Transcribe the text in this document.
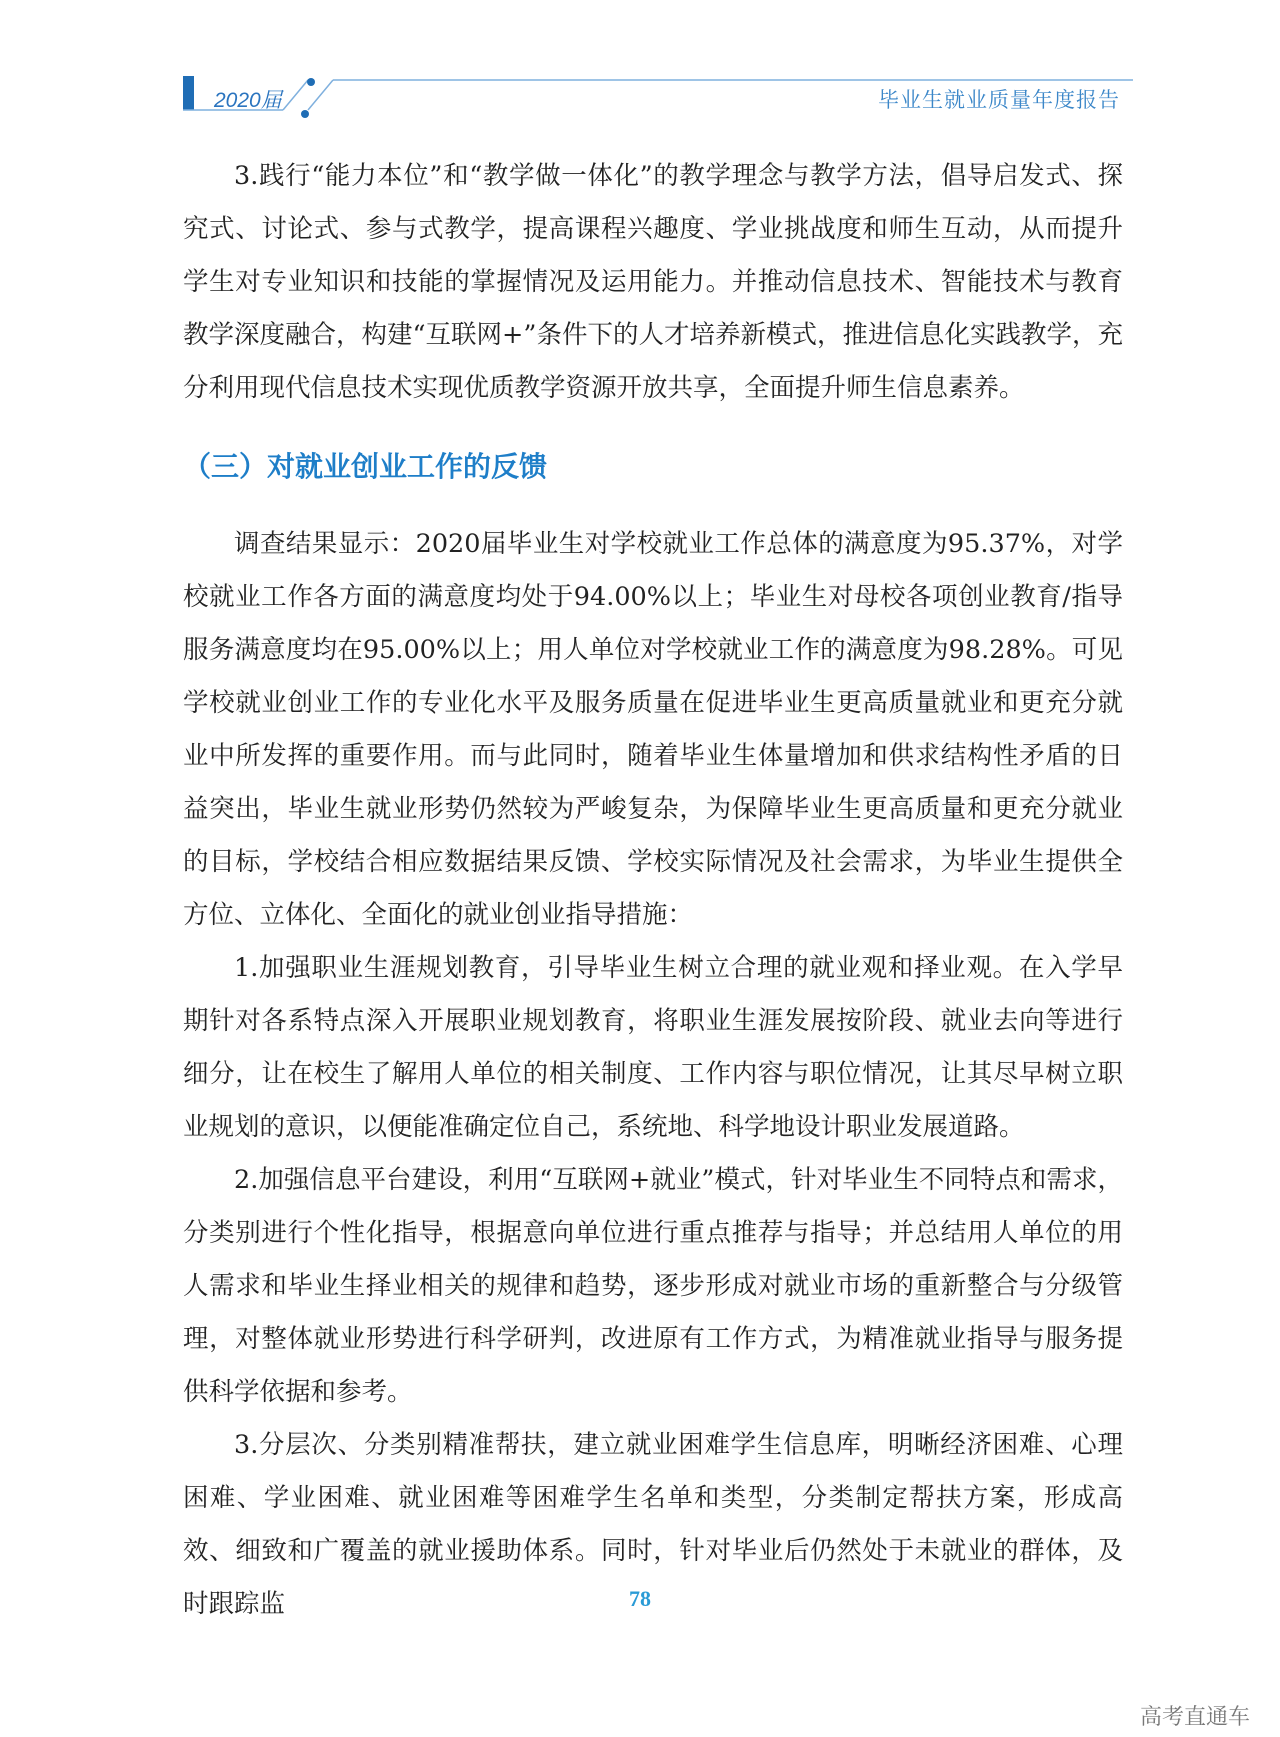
2020届	毕业生就业质量年度报告

3.践行“能力本位”和“教学做一体化”的教学理念与教学方法，倡导启发式、探究式、讨论式、参与式教学，提高课程兴趣度、学业挑战度和师生互动，从而提升学生对专业知识和技能的掌握情况及运用能力。并推动信息技术、智能技术与教育教学深度融合，构建“互联网+”条件下的人才培养新模式，推进信息化实践教学，充分利用现代信息技术实现优质教学资源开放共享，全面提升师生信息素养。

（三）对就业创业工作的反馈

调查结果显示：2020届毕业生对学校就业工作总体的满意度为95.37%，对学校就业工作各方面的满意度均处于94.00%以上；毕业生对母校各项创业教育/指导服务满意度均在95.00%以上；用人单位对学校就业工作的满意度为98.28%。可见学校就业创业工作的专业化水平及服务质量在促进毕业生更高质量就业和更充分就业中所发挥的重要作用。而与此同时，随着毕业生体量增加和供求结构性矛盾的日益突出，毕业生就业形势仍然较为严峻复杂，为保障毕业生更高质量和更充分就业的目标，学校结合相应数据结果反馈、学校实际情况及社会需求，为毕业生提供全方位、立体化、全面化的就业创业指导措施：

1.加强职业生涯规划教育，引导毕业生树立合理的就业观和择业观。在入学早期针对各系特点深入开展职业规划教育，将职业生涯发展按阶段、就业去向等进行细分，让在校生了解用人单位的相关制度、工作内容与职位情况，让其尽早树立职业规划的意识，以便能准确定位自己，系统地、科学地设计职业发展道路。

2.加强信息平台建设，利用“互联网+就业”模式，针对毕业生不同特点和需求，分类别进行个性化指导，根据意向单位进行重点推荐与指导；并总结用人单位的用人需求和毕业生择业相关的规律和趋势，逐步形成对就业市场的重新整合与分级管理，对整体就业形势进行科学研判，改进原有工作方式，为精准就业指导与服务提供科学依据和参考。

3.分层次、分类别精准帮扶，建立就业困难学生信息库，明晰经济困难、心理困难、学业困难、就业困难等困难学生名单和类型，分类制定帮扶方案，形成高效、细致和广覆盖的就业援助体系。同时，针对毕业后仍然处于未就业的群体，及时跟踪监	78
高考直通车
